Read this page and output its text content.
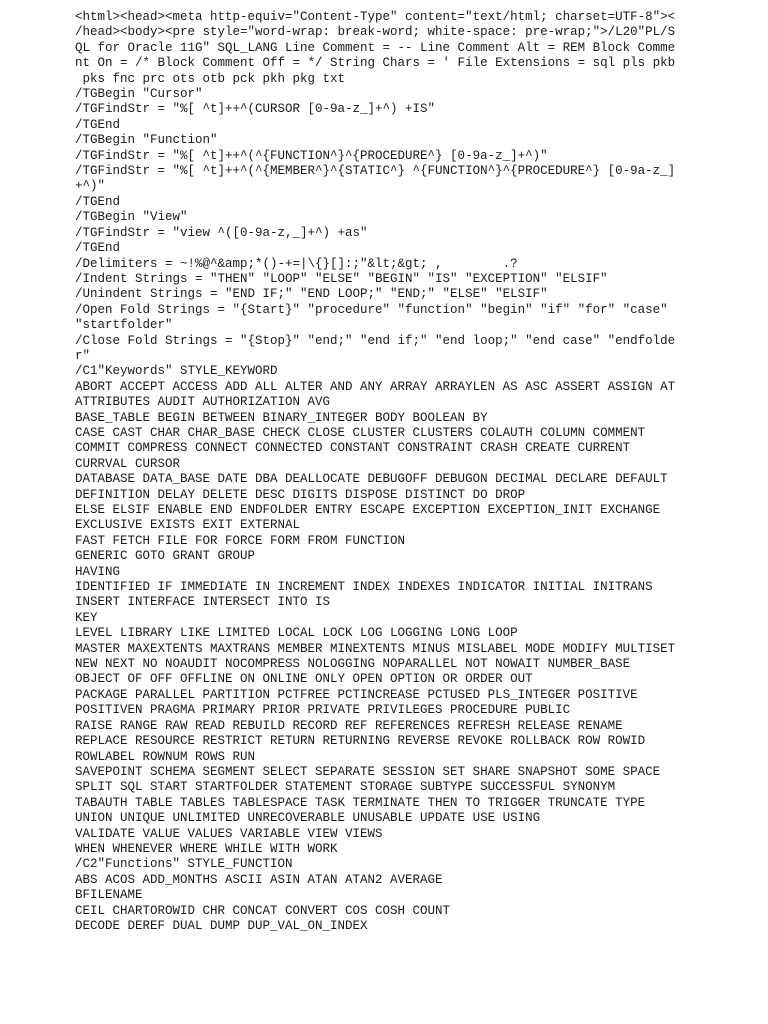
<html><head><meta http-equiv="Content-Type" content="text/html; charset=UTF-8"><
/head><body><pre style="word-wrap: break-word; white-space: pre-wrap;">/L20"PL/S
QL for Oracle 11G" SQL_LANG Line Comment = -- Line Comment Alt = REM Block Comme
nt On = /* Block Comment Off = */ String Chars = ' File Extensions = sql pls pkb
pks fnc prc ots otb pck pkh pkg txt
/TGBegin "Cursor"
/TGFindStr = "%[ ^t]++^(CURSOR [0-9a-z_]+^) +IS"
/TGEnd
/TGBegin "Function"
/TGFindStr = "%[ ^t]++^(^{FUNCTION^}^{PROCEDURE^} [0-9a-z_]+^)"
/TGFindStr = "%[ ^t]++^(^{MEMBER^}^{STATIC^} ^{FUNCTION^}^{PROCEDURE^} [0-9a-z_]
+^)"
/TGEnd
/TGBegin "View"
/TGFindStr = "view ^([0-9a-z,_]+^) +as"
/TGEnd
/Delimiters = ~!%@^&amp;*()-+=|\{}[]:;"&lt;&gt; ,        .?
/Indent Strings = "THEN" "LOOP" "ELSE" "BEGIN" "IS" "EXCEPTION" "ELSIF"
/Unindent Strings = "END IF;" "END LOOP;" "END;" "ELSE" "ELSIF"
/Open Fold Strings = "{Start}" "procedure" "function" "begin" "if" "for" "case"
"startfolder"
/Close Fold Strings = "{Stop}" "end;" "end if;" "end loop;" "end case" "endfolde
r"
/C1"Keywords" STYLE_KEYWORD
ABORT ACCEPT ACCESS ADD ALL ALTER AND ANY ARRAY ARRAYLEN AS ASC ASSERT ASSIGN AT
ATTRIBUTES AUDIT AUTHORIZATION AVG
BASE_TABLE BEGIN BETWEEN BINARY_INTEGER BODY BOOLEAN BY
CASE CAST CHAR CHAR_BASE CHECK CLOSE CLUSTER CLUSTERS COLAUTH COLUMN COMMENT
COMMIT COMPRESS CONNECT CONNECTED CONSTANT CONSTRAINT CRASH CREATE CURRENT
CURRVAL CURSOR
DATABASE DATA_BASE DATE DBA DEALLOCATE DEBUGOFF DEBUGON DECIMAL DECLARE DEFAULT
DEFINITION DELAY DELETE DESC DIGITS DISPOSE DISTINCT DO DROP
ELSE ELSIF ENABLE END ENDFOLDER ENTRY ESCAPE EXCEPTION EXCEPTION_INIT EXCHANGE
EXCLUSIVE EXISTS EXIT EXTERNAL
FAST FETCH FILE FOR FORCE FORM FROM FUNCTION
GENERIC GOTO GRANT GROUP
HAVING
IDENTIFIED IF IMMEDIATE IN INCREMENT INDEX INDEXES INDICATOR INITIAL INITRANS
INSERT INTERFACE INTERSECT INTO IS
KEY
LEVEL LIBRARY LIKE LIMITED LOCAL LOCK LOG LOGGING LONG LOOP
MASTER MAXEXTENTS MAXTRANS MEMBER MINEXTENTS MINUS MISLABEL MODE MODIFY MULTISET
NEW NEXT NO NOAUDIT NOCOMPRESS NOLOGGING NOPARALLEL NOT NOWAIT NUMBER_BASE
OBJECT OF OFF OFFLINE ON ONLINE ONLY OPEN OPTION OR ORDER OUT
PACKAGE PARALLEL PARTITION PCTFREE PCTINCREASE PCTUSED PLS_INTEGER POSITIVE
POSITIVEN PRAGMA PRIMARY PRIOR PRIVATE PRIVILEGES PROCEDURE PUBLIC
RAISE RANGE RAW READ REBUILD RECORD REF REFERENCES REFRESH RELEASE RENAME
REPLACE RESOURCE RESTRICT RETURN RETURNING REVERSE REVOKE ROLLBACK ROW ROWID
ROWLABEL ROWNUM ROWS RUN
SAVEPOINT SCHEMA SEGMENT SELECT SEPARATE SESSION SET SHARE SNAPSHOT SOME SPACE
SPLIT SQL START STARTFOLDER STATEMENT STORAGE SUBTYPE SUCCESSFUL SYNONYM
TABAUTH TABLE TABLES TABLESPACE TASK TERMINATE THEN TO TRIGGER TRUNCATE TYPE
UNION UNIQUE UNLIMITED UNRECOVERABLE UNUSABLE UPDATE USE USING
VALIDATE VALUE VALUES VARIABLE VIEW VIEWS
WHEN WHENEVER WHERE WHILE WITH WORK
/C2"Functions" STYLE_FUNCTION
ABS ACOS ADD_MONTHS ASCII ASIN ATAN ATAN2 AVERAGE
BFILENAME
CEIL CHARTOROWID CHR CONCAT CONVERT COS COSH COUNT
DECODE DEREF DUAL DUMP DUP_VAL_ON_INDEX
